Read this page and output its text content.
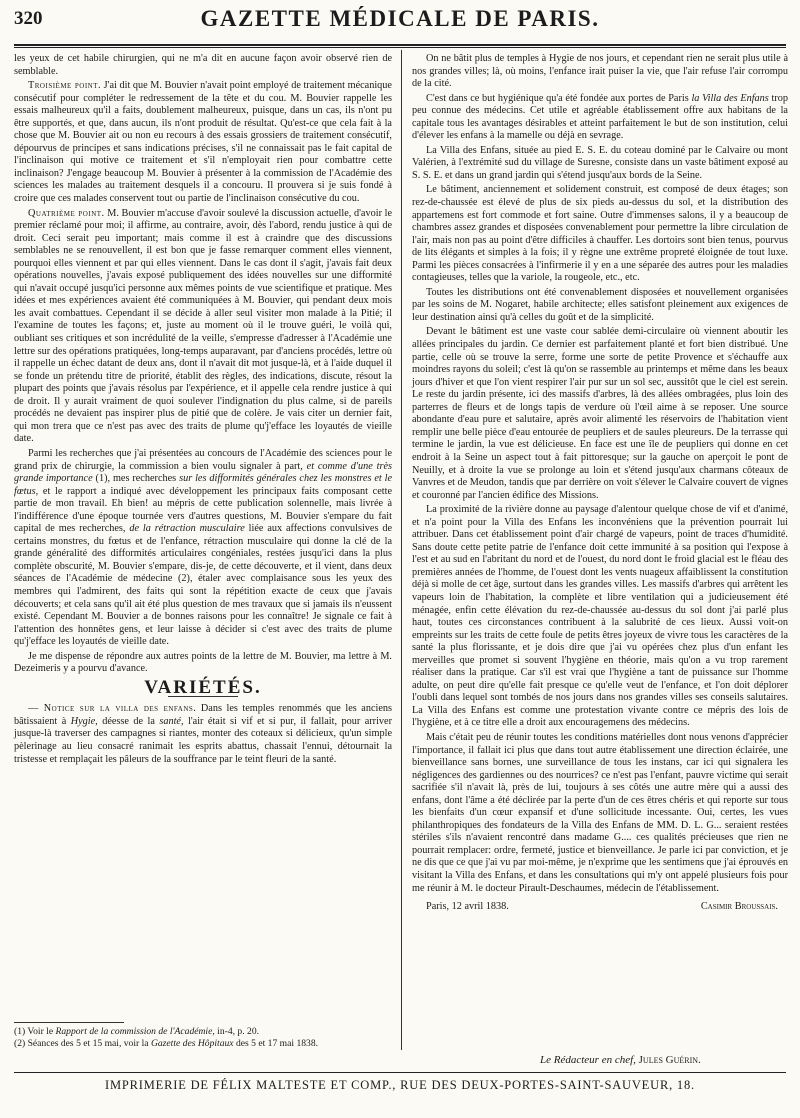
320	GAZETTE MÉDICALE DE PARIS.

les yeux de cet habile chirurgien, qui ne m'a dit en aucune façon avoir observé rien de semblable.

Troisième point. J'ai dit que M. Bouvier n'avait point employé de traitement mécanique consécutif pour compléter le redressement de la tête et du cou. M. Bouvier rappelle les essais malheureux qu'il a faits, doublement malheureux, puisque, dans un cas, ils n'ont pu être supportés, et que, dans aucun, ils n'ont produit de résultat. Qu'est-ce que cela fait à la chose que M. Bouvier ait ou non eu recours à des essais grossiers de traitement consécutif, dépourvus de principes et sans indications précises, s'il ne connaissait pas le fait capital de l'inclinaison qui motive ce traitement et s'il n'employait rien pour combattre cette inclinaison? J'engage beaucoup M. Bouvier à présenter à la commission de l'Académie des sciences les malades au traitement desquels il a concouru. Il prouvera si je suis fondé à croire que ces malades conservent tout ou partie de l'inclinaison consécutive du cou.

Quatrième point. M. Bouvier m'accuse d'avoir soulevé la discussion actuelle, d'avoir le premier réclamé pour moi; il affirme, au contraire, avoir, dès l'abord, rendu justice à qui de droit. Ceci serait peu important; mais comme il est à craindre que des discussions semblables ne se renouvellent, il est bon que je fasse remarquer comment elles viennent, pourquoi elles viennent et par qui elles viennent. Dans le cas dont il s'agit, j'avais fait deux opérations nouvelles, j'avais exposé publiquement des idées nouvelles sur une difformité qui n'avait occupé jusqu'ici personne aux mêmes points de vue scientifique et pratique. Mes idées et mes expériences avaient été communiquées à M. Bouvier, qui pendant deux mois les avait combattues. Cependant il se décide à aller seul visiter mon malade à la Pitié; il l'examine de toutes les façons; et, juste au moment où il le trouve guéri, le voilà qui, oubliant ses critiques et son incrédulité de la veille, s'empresse d'adresser à l'Académie une lettre sur des opérations pratiquées, long-temps auparavant, par d'anciens procédés, lettre où il rappelle un échec datant de deux ans, dont il n'avait dit mot jusque-là, et à l'aide duquel il se fonde un prétendu titre de priorité, établit des règles, des indications, discute, résout la plupart des points que j'avais résolus par l'expérience, et il appelle cela rendre justice à qui de droit. Il y aurait vraiment de quoi soulever l'indignation du plus calme, si de pareils procédés ne devaient pas inspirer plus de pitié que de colère. Je vais citer un dernier fait, qui mon trera que ce n'est pas avec des traits de plume qu'j'efface les loyautés de vieille date.

Parmi les recherches que j'ai présentées au concours de l'Académie des sciences pour le grand prix de chirurgie, la commission a bien voulu signaler à part, et comme d'une très grande importance (1), mes recherches sur les difformités générales chez les monstres et le fœtus, et le rapport a indiqué avec développement les principaux faits composant cette partie de mon travail. Eh bien! au mépris de cette publication solennelle, mais livrée à l'indifférence d'une époque tournée vers d'autres questions, M. Bouvier s'empare du fait capital de mes recherches, de la rétraction musculaire liée aux affections convulsives de certains monstres, du fœtus et de l'enfance, rétraction musculaire qui donne la clé de la grande généralité des difformités articulaires congéniales, restées jusqu'ici dans la plus complète obscurité, M. Bouvier s'empare, dis-je, de cette découverte, et il vient, dans deux séances de l'Académie de médecine (2), étaler avec complaisance sous les yeux des membres qui l'admirent, des faits qui sont la répétition exacte de ceux que j'avais découverts; et cela sans qu'il ait été plus question de mes travaux que si jamais ils n'eussent existé. Cependant M. Bouvier a de bonnes raisons pour les connaître! Je signale ce fait à l'attention des honnêtes gens, et leur laisse à décider si c'est avec des traits de plume qu'j'efface les loyautés de vieille date.

Je me dispense de répondre aux autres points de la lettre de M. Bouvier, ma lettre à M. Dezeimeris y a pourvu d'avance.

VARIÉTÉS.

— Notice sur la villa des enfans. Dans les temples renommés que les anciens bâtissaient à Hygie, déesse de la santé, l'air était si vif et si pur, il fallait, pour arriver jusque-là traverser des campagnes si riantes, monter des coteaux si délicieux, qu'un simple pèlerinage au lieu consacré ranimait les esprits abattus, chassait l'ennui, détournait la tristesse et remplaçait les pâleurs de la souffrance par le teint fleuri de la santé.

(1) Voir le Rapport de la commission de l'Académie, in-4, p. 20.
(2) Séances des 5 et 15 mai, voir la Gazette des Hôpitaux des 5 et 17 mai 1838.

On ne bâtit plus de temples à Hygie de nos jours, et cependant rien ne serait plus utile à nos grandes villes; là, où moins, l'enfance irait puiser la vie, que l'air refuse l'air corrompu de la cité.

C'est dans ce but hygiénique qu'a été fondée aux portes de Paris la Villa des Enfans trop peu connue des médecins. Cet utile et agréable établissement offre aux habitans de la capitale tous les avantages désirables et atteint parfaitement le but de son institution, celui d'élever les enfans à la mamelle ou déjà en sevrage.

La Villa des Enfans, située au pied E. S. E. du coteau dominé par le Calvaire ou mont Valérien, à l'extrémité sud du village de Suresne, consiste dans un vaste bâtiment exposé au S. S. E. et dans un grand jardin qui s'étend jusqu'aux bords de la Seine.

Le bâtiment, anciennement et solidement construit, est composé de deux étages; son rez-de-chaussée est élevé de plus de six pieds au-dessus du sol, et la distribution des appartemens est fort commode et fort saine. Outre d'immenses salons, il y a beaucoup de chambres assez grandes et disposées convenablement pour permettre la libre circulation de l'air, mais non pas au point d'être difficiles à chauffer. Les dortoirs sont bien tenus, pourvus de lits élégants et simples à la fois; il y règne une extrême propreté éloignée de tout luxe. Parmi les pièces consacrées à l'infirmerie il y en a une séparée des autres pour les maladies contagieuses, telles que la variole, la rougeole, etc., etc.

Toutes les distributions ont été convenablement disposées et nouvellement organisées par les soins de M. Nogaret, habile architecte; elles satisfont pleinement aux exigences de leur destination ainsi qu'à celles du goût et de la simplicité.

Devant le bâtiment est une vaste cour sablée demi-circulaire où viennent aboutir les allées principales du jardin. Ce dernier est parfaitement planté et fort bien distribué. Une partie, celle où se trouve la serre, forme une sorte de petite Provence et s'échauffe aux moindres rayons du soleil; c'est là qu'on se rassemble au printemps et même dans les beaux jours d'hiver et que l'on vient respirer l'air pur sur un sol sec, aussitôt que le ciel est serein. Le reste du jardin présente, ici des massifs d'arbres, là des allées ombragées, plus loin des parterres de fleurs et de longs tapis de verdure où l'œil aime à se reposer. Une source abondante d'eau pure et salutaire, après avoir alimenté les réservoirs de l'habitation vient remplir une belle pièce d'eau entourée de peupliers et de saules pleureurs. De la terrasse qui termine le jardin, la vue est délicieuse. En face est une île de peupliers qui donne en cet endroit à la Seine un aspect tout à fait pittoresque; sur la gauche on aperçoit le pont de Neuilly, et à droite la vue se prolonge au loin et s'étend jusqu'aux charmans côteaux de Vanvres et de Meudon, tandis que par derrière on voit s'élever le Calvaire couvert de vignes et couronné par l'ancien édifice des Missions.

La proximité de la rivière donne au paysage d'alentour quelque chose de vif et d'animé, et n'a point pour la Villa des Enfans les inconvéniens que la prévention pourrait lui attribuer. Dans cet établissement point d'air chargé de vapeurs, point de traces d'humidité. Sans doute cette petite patrie de l'enfance doit cette immunité à sa position qui l'expose à l'est et au sud en l'abritant du nord et de l'ouest, du nord dont le froid glacial est le fléau des premières années de l'homme, de l'ouest dont les vents nuageux affaiblissent la constitution déjà si molle de cet âge, surtout dans les grandes villes. Les massifs d'arbres qui arrêtent les vapeurs loin de l'habitation, la complète et libre ventilation qui a judicieusement été ménagée, enfin cette élévation du rez-de-chaussée au-dessus du sol dont j'ai parlé plus haut, toutes ces circonstances contribuent à la salubrité de ces lieux. Aussi voit-on empreints sur les traits de cette foule de petits êtres joyeux de vivre tous les caractères de la santé la plus florissante, et je dois dire que j'ai vu opérées chez plus d'un enfant les merveilles que promet si souvent l'hygiène en théorie, mais qu'on a vu trop rarement réaliser dans la pratique. Car s'il est vrai que l'hygiène a tant de puissance sur l'homme adulte, on peut dire qu'elle fait presque ce qu'elle veut de l'enfance, et l'on doit déplorer l'oubli dans lequel sont tombés de nos jours dans nos grandes villes ses conseils salutaires. La Villa des Enfans est comme une protestation vivante contre ce mépris des lois de l'hygiène, et à ce titre elle a droit aux encouragemens des médecins.

Mais c'était peu de réunir toutes les conditions matérielles dont nous venons d'apprécier l'importance, il fallait ici plus que dans tout autre établissement une direction éclairée, une bienveillance sans bornes, une surveillance de tous les instans, car ici qui signalera les négligences des gardiennes ou des nourrices? ce n'est pas l'enfant, pauvre victime qui serait sacrifiée s'il n'avait là, près de lui, toujours à ses côtés une autre mère qui a aussi des enfans, dont l'âme a été déclirée par la perte d'un de ces êtres chéris et qui reporte sur tous les bienfaits d'un cœur expansif et d'une sollicitude incessante. Oui, certes, les vues philanthropiques des fondateurs de la Villa des Enfans de MM. D. L. G... seraient restées stériles s'ils n'avaient rencontré dans madame G.... ces qualités précieuses que rien ne pourrait remplacer: ordre, fermeté, justice et bienveillance. Je parle ici par conviction, et je ne dis que ce que j'ai vu par moi-même, je n'exprime que les sentimens que j'ai éprouvés en visitant la Villa des Enfans, et dans les consultations qui m'y ont appelé plusieurs fois pour me réunir à M. le docteur Pirault-Deschaumes, médecin de l'établissement.

Paris, 12 avril 1838.	Casimir Broussais.
Le Rédacteur en chef, Jules Guérin.
IMPRIMERIE DE FÉLIX MALTESTE ET COMP., RUE DES DEUX-PORTES-SAINT-SAUVEUR, 18.
